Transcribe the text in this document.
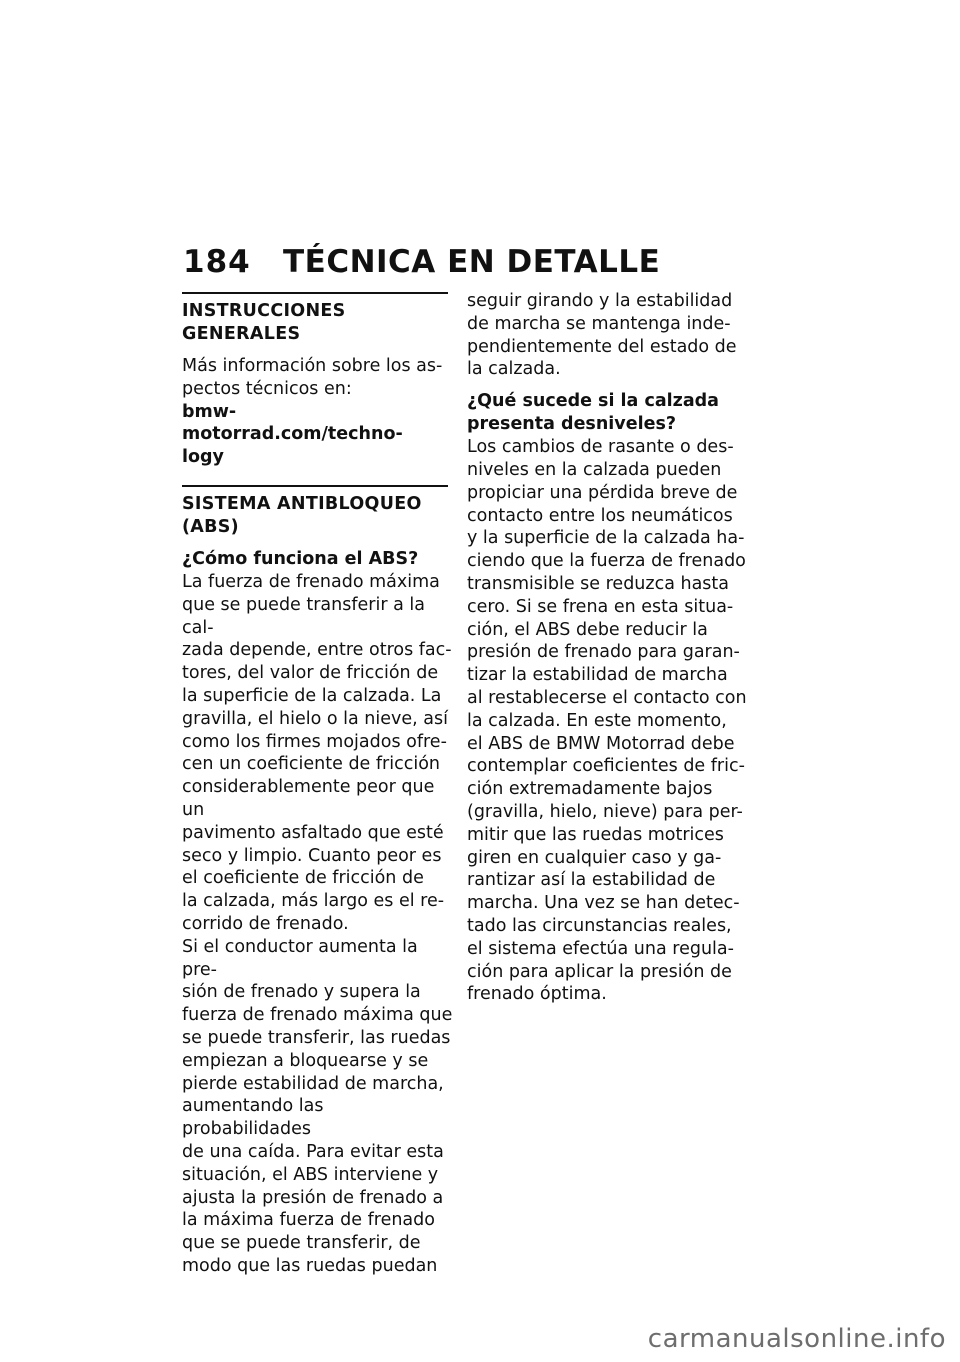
184 TÉCNICA EN DETALLE
INSTRUCCIONES GENERALES

Más información sobre los as-
pectos técnicos en:

bmw-motorrad.com/techno-
logy
SISTEMA ANTIBLOQUEO
(ABS)
¿Cómo funciona el ABS?

La fuerza de frenado máxima
que se puede transferir a la cal-
zada depende, entre otros fac-
tores, del valor de fricción de
la superficie de la calzada. La
gravilla, el hielo o la nieve, así
como los firmes mojados ofre-
cen un coeficiente de fricción
considerablemente peor que un
pavimento asfaltado que esté
seco y limpio. Cuanto peor es
el coeficiente de fricción de
la calzada, más largo es el re-
corrido de frenado.

Si el conductor aumenta la pre-
sión de frenado y supera la
fuerza de frenado máxima que
se puede transferir, las ruedas
empiezan a bloquearse y se
pierde estabilidad de marcha,
aumentando las probabilidades
de una caída. Para evitar esta
situación, el ABS interviene y
ajusta la presión de frenado a
la máxima fuerza de frenado
que se puede transferir, de
modo que las ruedas puedan

seguir girando y la estabilidad
de marcha se mantenga inde-
pendientemente del estado de
la calzada.

¿Qué sucede si la calzada
presenta desniveles?

Los cambios de rasante o des-
niveles en la calzada pueden
propiciar una pérdida breve de
contacto entre los neumáticos
y la superficie de la calzada ha-
ciendo que la fuerza de frenado
transmisible se reduzca hasta
cero. Si se frena en esta situa-
ción, el ABS debe reducir la
presión de frenado para garan-
tizar la estabilidad de marcha
al restablecerse el contacto con
la calzada. En este momento,
el ABS de BMW Motorrad debe
contemplar coeficientes de fric-
ción extremadamente bajos
(gravilla, hielo, nieve) para per-
mitir que las ruedas motrices
giren en cualquier caso y ga-
rantizar así la estabilidad de
marcha. Una vez se han detec-
tado las circunstancias reales,
el sistema efectúa una regula-
ción para aplicar la presión de
frenado óptima.

carmanualsonline.info
